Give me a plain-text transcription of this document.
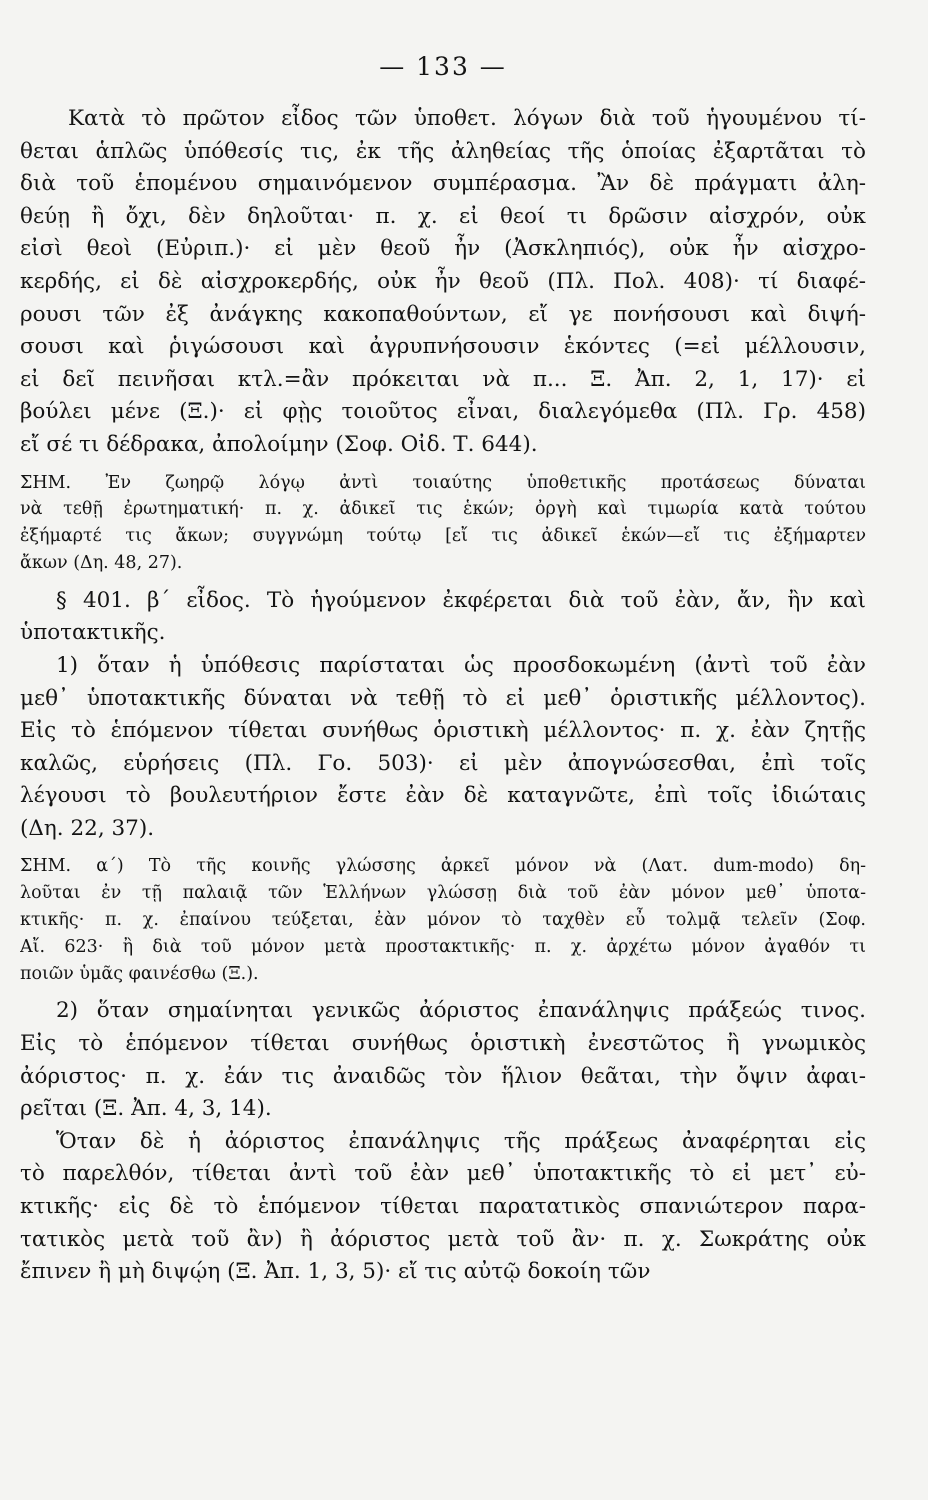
— 133 —
Κατὰ τὸ πρῶτον εἶδος τῶν ὑποθετ. λόγων διὰ τοῦ ἡγουμένου τί-
θεται ἁπλῶς ὑπόθεσίς τις, ἐκ τῆς ἀληθείας τῆς ὁποίας ἐξαρτᾶται τὸ
διὰ τοῦ ἑπομένου σημαινόμενον συμπέρασμα. Ἂν δὲ πράγματι ἀλη-
θεύῃ ἢ ὄχι, δὲν δηλοῦται· π. χ. εἰ θεοί τι δρῶσιν αἰσχρόν, οὐκ
εἰσὶ θεοὶ (Εὐριπ.)· εἰ μὲν θεοῦ ἦν (Ἀσκληπιός), οὐκ ἦν αἰσχρο-
κερδής, εἰ δὲ αἰσχροκερδής, οὐκ ἦν θεοῦ (Πλ. Πολ. 408)· τί διαφέ-
ρουσι τῶν ἐξ ἀνάγκης κακοπαθούντων, εἴ γε πονήσουσι καὶ διψή-
σουσι καὶ ῥιγώσουσι καὶ ἀγρυπνήσουσιν ἑκόντες (=εἰ μέλλουσιν,
εἰ δεῖ πεινῆσαι κτλ.=ἂν πρόκειται νὰ π... Ξ. Ἀπ. 2, 1, 17)· εἰ
βούλει μένε (Ξ.)· εἰ φῂς τοιοῦτος εἶναι, διαλεγόμεθα (Πλ. Γρ. 458)
εἴ σέ τι δέδρακα, ἀπολοίμην (Σοφ. Οἰδ. Τ. 644).
ΣΗΜ. Ἐν ζωηρῷ λόγῳ ἀντὶ τοιαύτης ὑποθετικῆς προτάσεως δύναται
νὰ τεθῇ ἐρωτηματική· π. χ. ἀδικεῖ τις ἑκών; ὀργὴ καὶ τιμωρία κατὰ τούτου
ἐξήμαρτέ τις ἄκων; συγγνώμη τούτῳ [εἴ τις ἀδικεῖ ἑκών—εἴ τις ἐξήμαρτεν
ἄκων (Δη. 48, 27).
§ 401. β΄ εἶδος. Τὸ ἡγούμενον ἐκφέρεται διὰ τοῦ ἐὰν, ἄν, ἢν καὶ
ὑποτακτικῆς.
1) ὅταν ἡ ὑπόθεσις παρίσταται ὡς προσδοκωμένη (ἀντὶ τοῦ ἐὰν
μεθ᾽ ὑποτακτικῆς δύναται νὰ τεθῇ τὸ εἰ μεθ᾽ ὁριστικῆς μέλλοντος).
Εἰς τὸ ἑπόμενον τίθεται συνήθως ὁριστικὴ μέλλοντος· π. χ. ἐὰν ζητῇς
καλῶς, εὑρήσεις (Πλ. Γο. 503)· εἰ μὲν ἀπογνώσεσθαι, ἐπὶ τοῖς
λέγουσι τὸ βουλευτήριον ἔστε ἐὰν δὲ καταγνῶτε, ἐπὶ τοῖς ἰδιώταις
(Δη. 22, 37).
ΣΗΜ. α΄) Τὸ τῆς κοινῆς γλώσσης ἀρκεῖ μόνον νὰ (Λατ. dum-modo) δη-
λοῦται ἐν τῇ παλαιᾷ τῶν Ἑλλήνων γλώσσῃ διὰ τοῦ ἐὰν μόνον μεθ᾽ ὑποτα-
κτικῆς· π. χ. ἐπαίνου τεύξεται, ἐὰν μόνον τὸ ταχθὲν εὖ τολμᾷ τελεῖν (Σοφ.
Αἴ. 623· ἢ διὰ τοῦ μόνον μετὰ προστακτικῆς· π. χ. ἀρχέτω μόνον ἀγαθόν τι
ποιῶν ὑμᾶς φαινέσθω (Ξ.).
2) ὅταν σημαίνηται γενικῶς ἀόριστος ἐπανάληψις πράξεώς τινος.
Εἰς τὸ ἑπόμενον τίθεται συνήθως ὁριστικὴ ἐνεστῶτος ἢ γνωμικὸς
ἀόριστος· π. χ. ἐάν τις ἀναιδῶς τὸν ἥλιον θεᾶται, τὴν ὄψιν ἀφαι-
ρεῖται (Ξ. Ἀπ. 4, 3, 14).
Ὅταν δὲ ἡ ἀόριστος ἐπανάληψις τῆς πράξεως ἀναφέρηται εἰς
τὸ παρελθόν, τίθεται ἀντὶ τοῦ ἐὰν μεθ᾽ ὑποτακτικῆς τὸ εἰ μετ᾽ εὐ-
κτικῆς· εἰς δὲ τὸ ἑπόμενον τίθεται παρατατικὸς σπανιώτερον παρα-
τατικὸς μετὰ τοῦ ἂν) ἢ ἀόριστος μετὰ τοῦ ἂν· π. χ. Σωκράτης οὐκ
ἔπινεν ἢ μὴ διψῴη (Ξ. Ἀπ. 1, 3, 5)· εἴ τις αὐτῷ δοκοίη τῶν
